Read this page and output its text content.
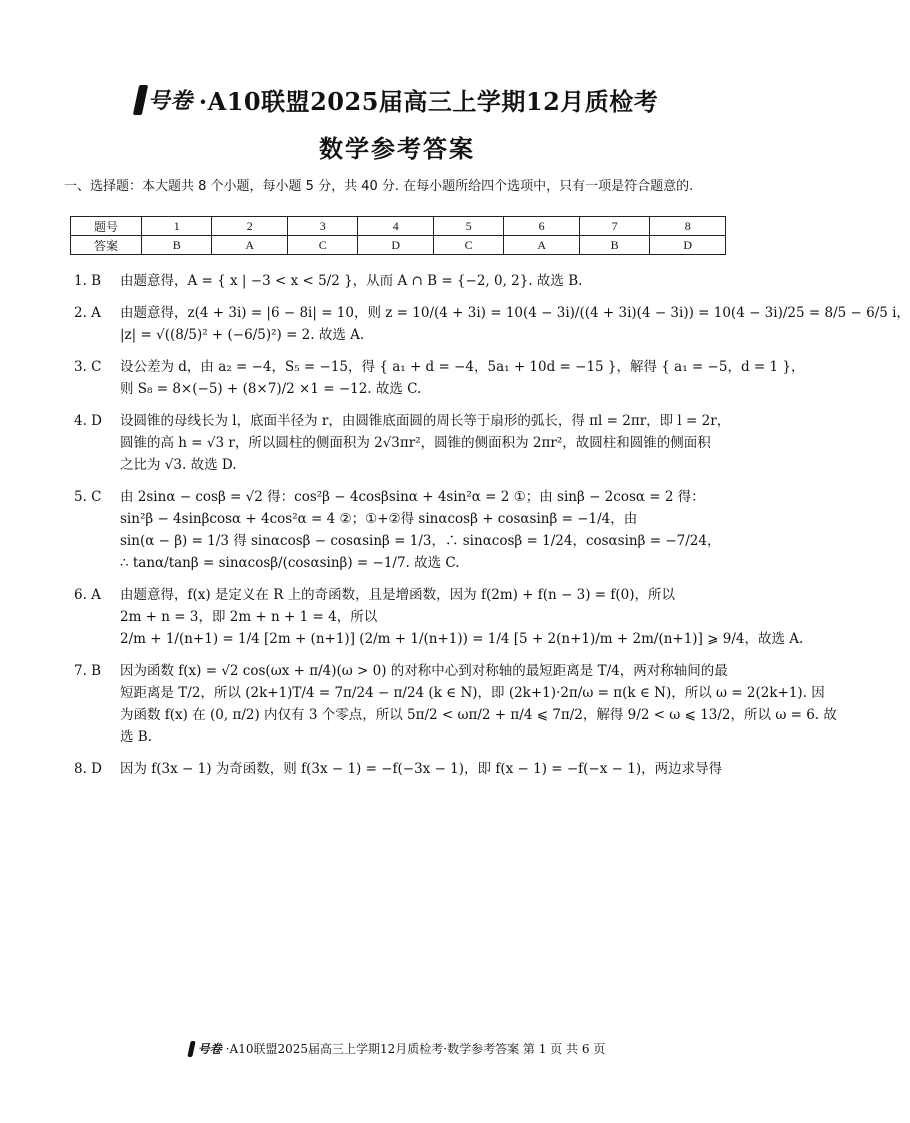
号卷 ·A10联盟2025届高三上学期12月质检考
数学参考答案
一、选择题：本大题共 8 个小题，每小题 5 分，共 40 分. 在每小题所给四个选项中，只有一项是符合题意的.
题号	1	2	3	4	5	6	7	8
答案	B	A	C	D	C	A	B	D
1. B	由题意得，A = { x | −3 < x < 5/2 }，从而 A ∩ B = {−2, 0, 2}. 故选 B.
2. A	由题意得，z(4 + 3i) = |6 − 8i| = 10，则 z = 10/(4 + 3i) = 10(4 − 3i)/((4 + 3i)(4 − 3i)) = 10(4 − 3i)/25 = 8/5 − 6/5 i，
|z| = √((8/5)² + (−6/5)²) = 2. 故选 A.
3. C	设公差为 d，由 a₂ = −4，S₅ = −15，得 { a₁ + d = −4，5a₁ + 10d = −15 }，解得 { a₁ = −5，d = 1 }，
则 S₈ = 8×(−5) + (8×7)/2 ×1 = −12. 故选 C.
4. D	设圆锥的母线长为 l，底面半径为 r，由圆锥底面圆的周长等于扇形的弧长，得 πl = 2πr，即 l = 2r，
圆锥的高 h = √3 r，所以圆柱的侧面积为 2√3πr²，圆锥的侧面积为 2πr²，故圆柱和圆锥的侧面积
之比为 √3. 故选 D.
5. C	由 2sinα − cosβ = √2 得：cos²β − 4cosβsinα + 4sin²α = 2 ①；由 sinβ − 2cosα = 2 得：
sin²β − 4sinβcosα + 4cos²α = 4 ②；①+②得 sinαcosβ + cosαsinβ = −1/4，由
sin(α − β) = 1/3 得 sinαcosβ − cosαsinβ = 1/3，∴ sinαcosβ = 1/24，cosαsinβ = −7/24，
∴ tanα/tanβ = sinαcosβ/(cosαsinβ) = −1/7. 故选 C.
6. A	由题意得，f(x) 是定义在 R 上的奇函数，且是增函数，因为 f(2m) + f(n − 3) = f(0)，所以
2m + n = 3，即 2m + n + 1 = 4，所以
2/m + 1/(n+1) = 1/4 [2m + (n+1)] (2/m + 1/(n+1)) = 1/4 [5 + 2(n+1)/m + 2m/(n+1)] ⩾ 9/4，故选 A.
7. B	因为函数 f(x) = √2 cos(ωx + π/4)(ω > 0) 的对称中心到对称轴的最短距离是 T/4，两对称轴间的最
短距离是 T/2，所以 (2k+1)T/4 = 7π/24 − π/24 (k ∈ N)，即 (2k+1)·2π/ω = π(k ∈ N)，所以 ω = 2(2k+1). 因
为函数 f(x) 在 (0, π/2) 内仅有 3 个零点，所以 5π/2 < ωπ/2 + π/4 ⩽ 7π/2，解得 9/2 < ω ⩽ 13/2，所以 ω = 6. 故
选 B.
8. D	因为 f(3x − 1) 为奇函数，则 f(3x − 1) = −f(−3x − 1)，即 f(x − 1) = −f(−x − 1)，两边求导得
号卷 ·A10联盟2025届高三上学期12月质检考·数学参考答案 第 1 页 共 6 页
